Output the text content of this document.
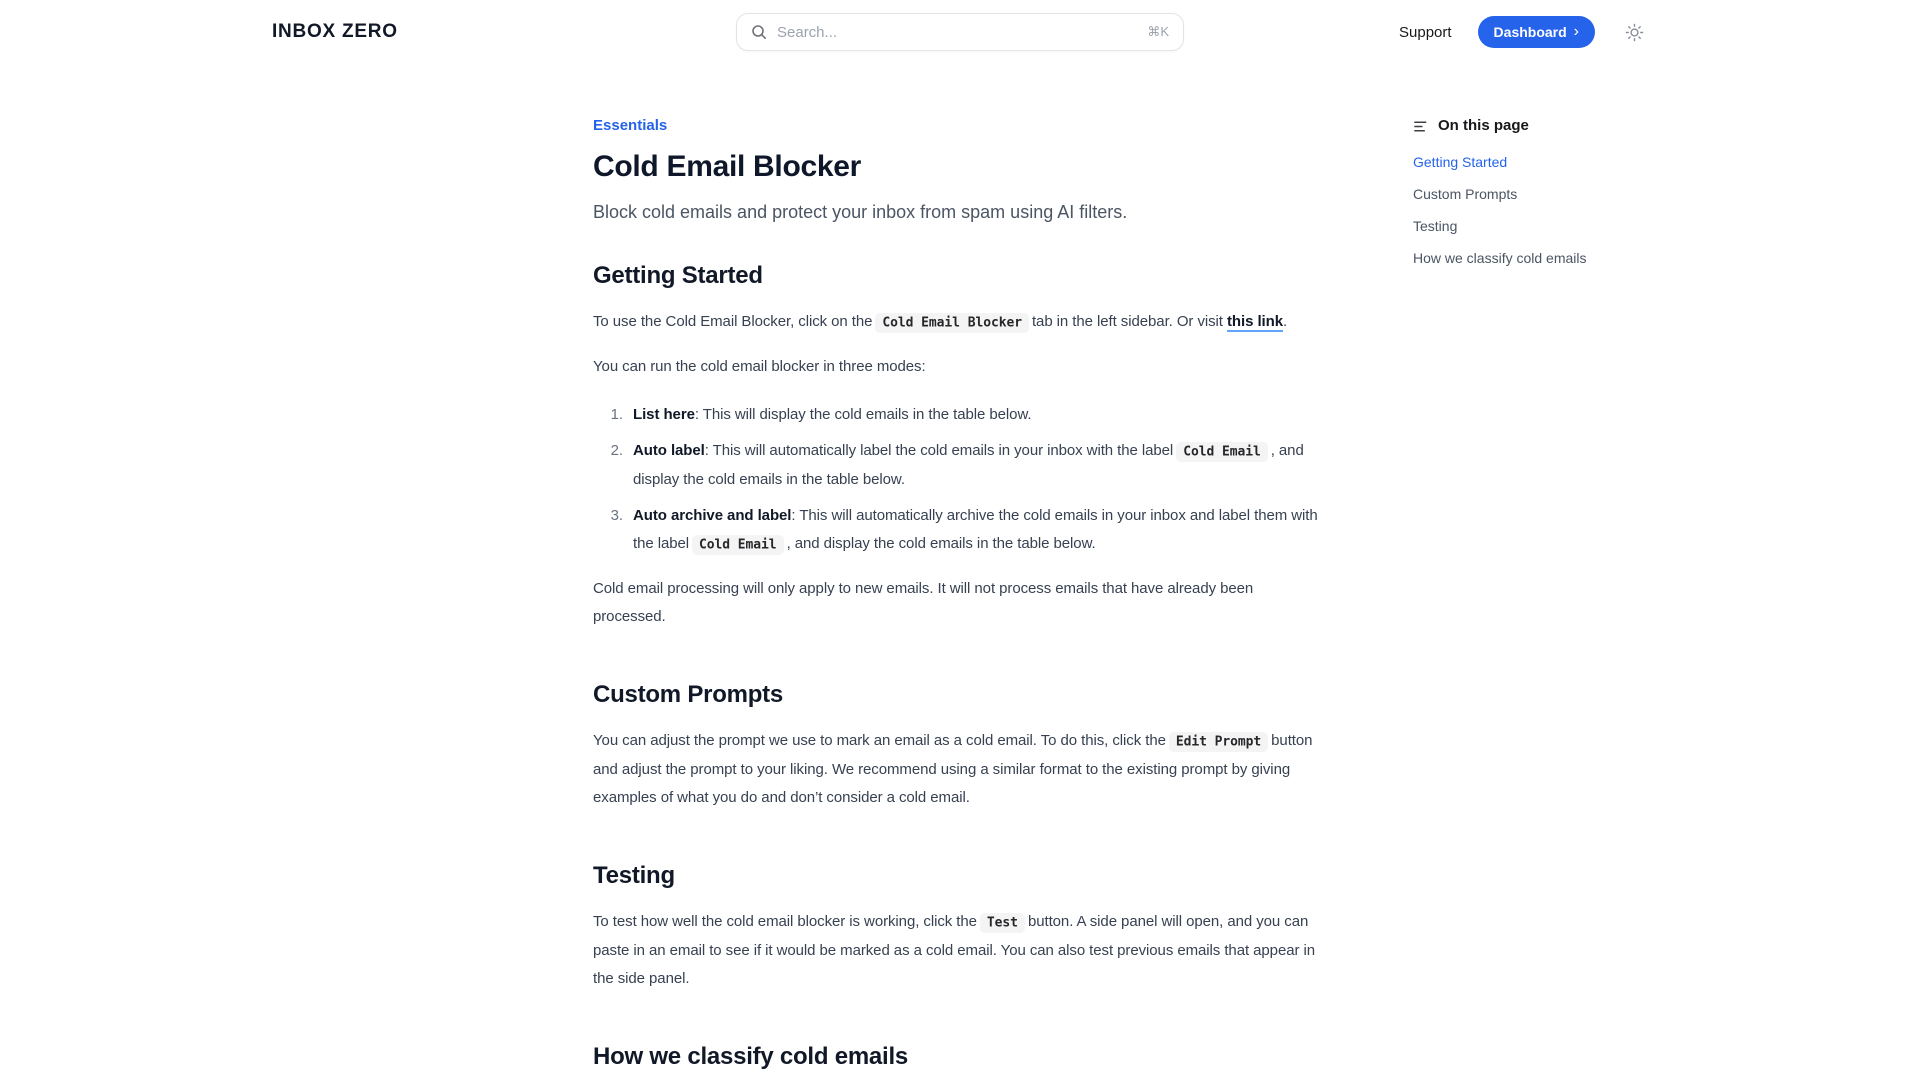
INBOX ZERO
Search...	⌘K	Support	Dashboard ›
Essentials
Cold Email Blocker

Block cold emails and protect your inbox from spam using AI filters.

Getting Started

To use the Cold Email Blocker, click on the Cold Email Blocker tab in the left sidebar. Or visit this link.

You can run the cold email blocker in three modes:

1. List here: This will display the cold emails in the table below.
2. Auto label: This will automatically label the cold emails in your inbox with the label Cold Email , and display the cold emails in the table below.
3. Auto archive and label: This will automatically archive the cold emails in your inbox and label them with the label Cold Email , and display the cold emails in the table below.

Cold email processing will only apply to new emails. It will not process emails that have already been processed.

Custom Prompts

You can adjust the prompt we use to mark an email as a cold email. To do this, click the Edit Prompt button and adjust the prompt to your liking. We recommend using a similar format to the existing prompt by giving examples of what you do and don’t consider a cold email.

Testing

To test how well the cold email blocker is working, click the Test button. A side panel will open, and you can paste in an email to see if it would be marked as a cold email. You can also test previous emails that appear in the side panel.

How we classify cold emails
On this page
Getting Started
Custom Prompts
Testing
How we classify cold emails
